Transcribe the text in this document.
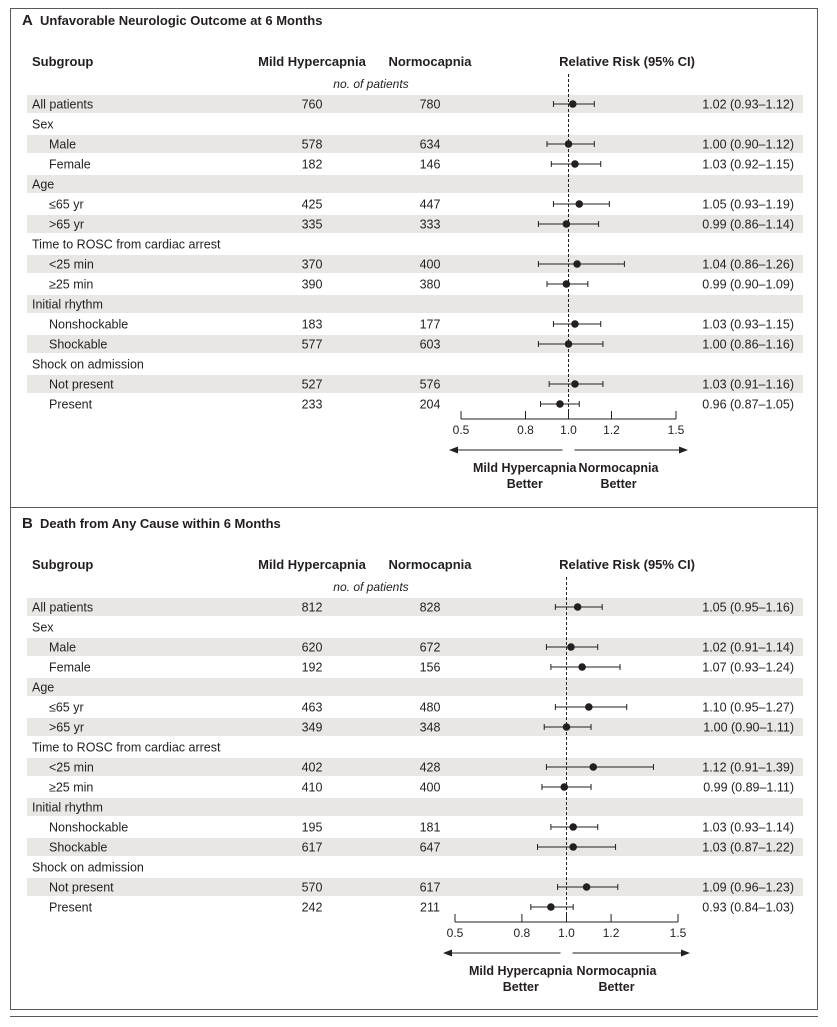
A Unfavorable Neurologic Outcome at 6 Months
Subgroup	Mild Hypercapnia Normocapnia	Relative Risk (95% CI)
no. of patients
All patients	760	780	1.02 (0.93–1.12)
Sex
Male	578	634	1.00 (0.90–1.12)
Female	182	146	1.03 (0.92–1.15)
Age
≤65 yr	425	447	1.05 (0.93–1.19)
>65 yr	335	333	0.99 (0.86–1.14)
Time to ROSC from cardiac arrest
<25 min	370	400	1.04 (0.86–1.26)
≥25 min	390	380	0.99 (0.90–1.09)
Initial rhythm
Nonshockable	183	177	1.03 (0.93–1.15)
Shockable	577	603	1.00 (0.86–1.16)
Shock on admission
Not present	527	576	1.03 (0.91–1.16)
Present	233	204	0.96 (0.87–1.05)
0.5	0.8 1.0 1.2	1.5
Mild Hypercapnia
Better
Normocapnia
Better
B Death from Any Cause within 6 Months
Subgroup	Mild Hypercapnia Normocapnia	Relative Risk (95% CI)
no. of patients
All patients	812	828	1.05 (0.95–1.16)
Sex
Male	620	672	1.02 (0.91–1.14)
Female	192	156	1.07 (0.93–1.24)
Age
≤65 yr	463	480	1.10 (0.95–1.27)
>65 yr	349	348	1.00 (0.90–1.11)
Time to ROSC from cardiac arrest
<25 min	402	428	1.12 (0.91–1.39)
≥25 min	410	400	0.99 (0.89–1.11)
Initial rhythm
Nonshockable	195	181	1.03 (0.93–1.14)
Shockable	617	647	1.03 (0.87–1.22)
Shock on admission
Not present	570	617	1.09 (0.96–1.23)
Present	242	211	0.93 (0.84–1.03)
0.5	0.8 1.0 1.2	1.5
Mild Hypercapnia
Better
Normocapnia
Better
